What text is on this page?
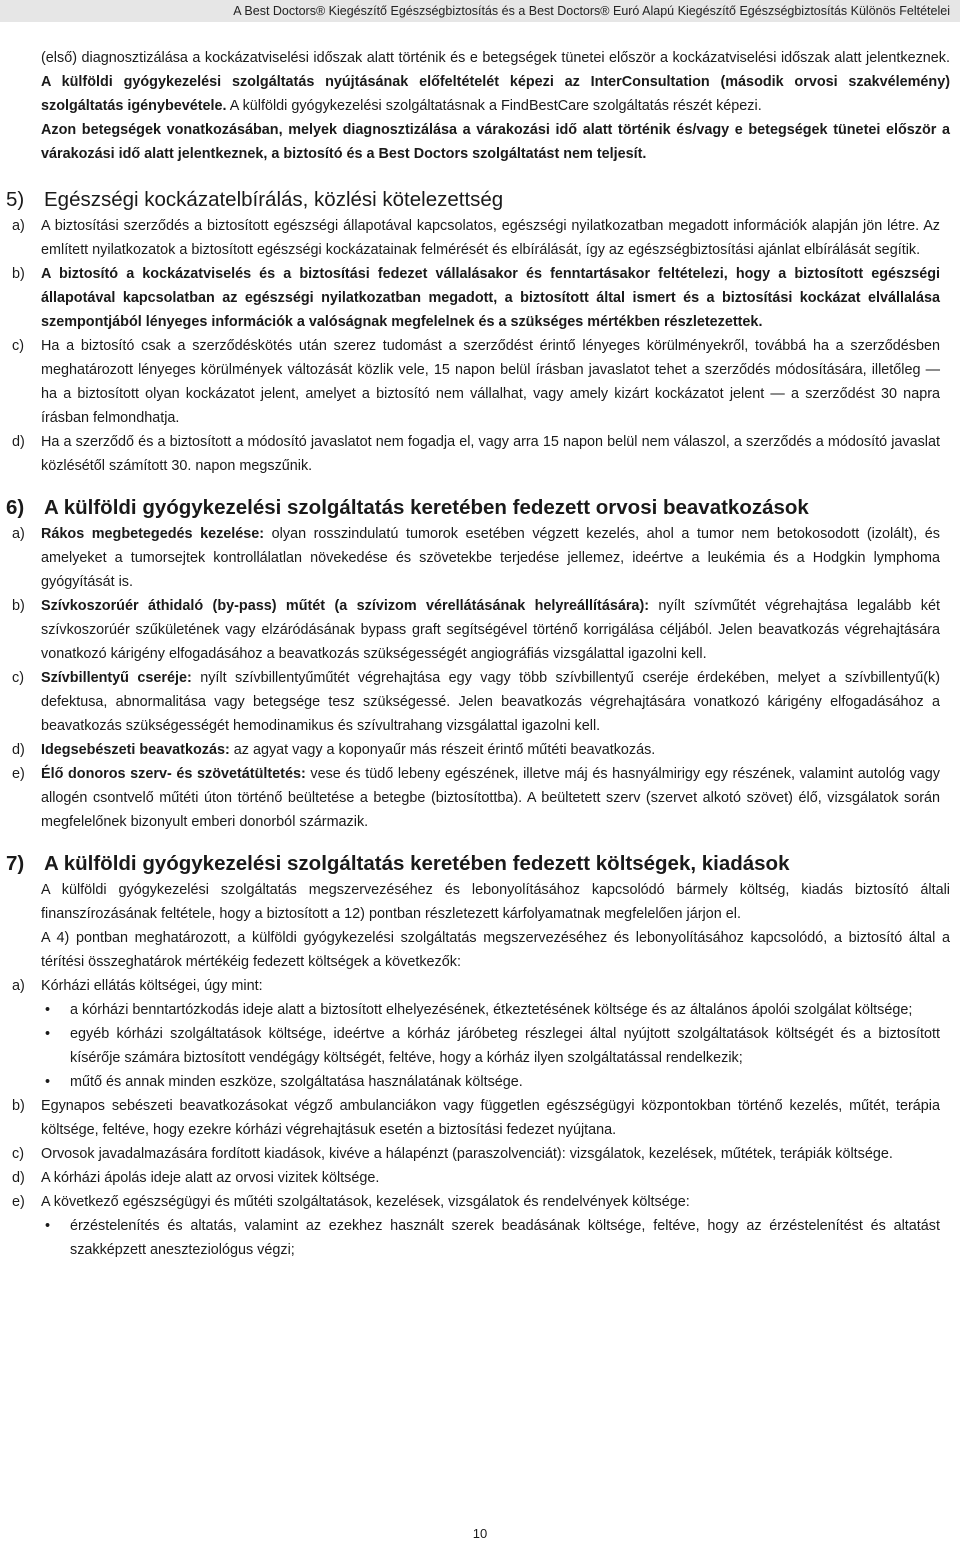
A Best Doctors® Kiegészítő Egészségbiztosítás és a Best Doctors® Euró Alapú Kiegészítő Egészségbiztosítás Különös Feltételei

(első) diagnosztizálása a kockázatviselési időszak alatt történik és e betegségek tünetei először a kockázatviselési időszak alatt jelentkeznek. A külföldi gyógykezelési szolgáltatás nyújtásának előfeltételét képezi az InterConsultation (második orvosi szakvélemény) szolgáltatás igénybevétele. A külföldi gyógykezelési szolgáltatásnak a FindBestCare szolgáltatás részét képezi.

Azon betegségek vonatkozásában, melyek diagnosztizálása a várakozási idő alatt történik és/vagy e betegségek tünetei először a várakozási idő alatt jelentkeznek, a biztosító és a Best Doctors szolgáltatást nem teljesít.

5) Egészségi kockázatelbírálás, közlési kötelezettség
a)	A biztosítási szerződés a biztosított egészségi állapotával kapcsolatos, egészségi nyilatkozatban megadott információk alapján jön létre. Az említett nyilatkozatok a biztosított egészségi kockázatainak felmérését és elbírálását, így az egészségbiztosítási ajánlat elbírálását segítik.
b)	A biztosító a kockázatviselés és a biztosítási fedezet vállalásakor és fenntartásakor feltételezi, hogy a biztosított egészségi állapotával kapcsolatban az egészségi nyilatkozatban megadott, a biztosított által ismert és a biztosítási kockázat elvállalása szempontjából lényeges információk a valóságnak megfelelnek és a szükséges mértékben részletezettek.
c)	Ha a biztosító csak a szerződéskötés után szerez tudomást a szerződést érintő lényeges körülményekről, továbbá ha a szerződésben meghatározott lényeges körülmények változását közlik vele, 15 napon belül írásban javaslatot tehet a szerződés módosítására, illetőleg — ha a biztosított olyan kockázatot jelent, amelyet a biztosító nem vállalhat, vagy amely kizárt kockázatot jelent — a szerződést 30 napra írásban felmondhatja.
d)	Ha a szerződő és a biztosított a módosító javaslatot nem fogadja el, vagy arra 15 napon belül nem válaszol, a szerződés a módosító javaslat közlésétől számított 30. napon megszűnik.
6) A külföldi gyógykezelési szolgáltatás keretében fedezett orvosi beavatkozások
a)	Rákos megbetegedés kezelése: olyan rosszindulatú tumorok esetében végzett kezelés, ahol a tumor nem betokosodott (izolált), és amelyeket a tumorsejtek kontrollálatlan növekedése és szövetekbe terjedése jellemez, ideértve a leukémia és a Hodgkin lymphoma gyógyítását is.
b)	Szívkoszorúér áthidaló (by-pass) műtét (a szívizom vérellátásának helyreállítására): nyílt szívműtét végrehajtása legalább két szívkoszorúér szűkületének vagy elzáródásának bypass graft segítségével történő korrigálása céljából. Jelen beavatkozás végrehajtására vonatkozó kárigény elfogadásához a beavatkozás szükségességét angiográfiás vizsgálattal igazolni kell.
c)	Szívbillentyű cseréje: nyílt szívbillentyűműtét végrehajtása egy vagy több szívbillentyű cseréje érdekében, melyet a szívbillentyű(k) defektusa, abnormalitása vagy betegsége tesz szükségessé. Jelen beavatkozás végrehajtására vonatkozó kárigény elfogadásához a beavatkozás szükségességét hemodinamikus és szívultrahang vizsgálattal igazolni kell.
d)	Idegsebészeti beavatkozás: az agyat vagy a koponyaűr más részeit érintő műtéti beavatkozás.
e)	Élő donoros szerv- és szövetátültetés: vese és tüdő lebeny egészének, illetve máj és hasnyálmirigy egy részének, valamint autológ vagy allogén csontvelő műtéti úton történő beültetése a betegbe (biztosítottba). A beültetett szerv (szervet alkotó szövet) élő, vizsgálatok során megfelelőnek bizonyult emberi donorból származik.
7) A külföldi gyógykezelési szolgáltatás keretében fedezett költségek, kiadások

A külföldi gyógykezelési szolgáltatás megszervezéséhez és lebonyolításához kapcsolódó bármely költség, kiadás biztosító általi finanszírozásának feltétele, hogy a biztosított a 12) pontban részletezett kárfolyamatnak megfelelően járjon el.

A 4) pontban meghatározott, a külföldi gyógykezelési szolgáltatás megszervezéséhez és lebonyolításához kapcsolódó, a biztosító által a térítési összeghatárok mértékéig fedezett költségek a következők:

a)	Kórházi ellátás költségei, úgy mint:
•	a kórházi benntartózkodás ideje alatt a biztosított elhelyezésének, étkeztetésének költsége és az általános ápolói szolgálat költsége;
•	egyéb kórházi szolgáltatások költsége, ideértve a kórház járóbeteg részlegei által nyújtott szolgáltatások költségét és a biztosított kísérője számára biztosított vendégágy költségét, feltéve, hogy a kórház ilyen szolgáltatással rendelkezik;
•	műtő és annak minden eszköze, szolgáltatása használatának költsége.
b)	Egynapos sebészeti beavatkozásokat végző ambulanciákon vagy független egészségügyi központokban történő kezelés, műtét, terápia költsége, feltéve, hogy ezekre kórházi végrehajtásuk esetén a biztosítási fedezet nyújtana.
c)	Orvosok javadalmazására fordított kiadások, kivéve a hálapénzt (paraszolvenciát): vizsgálatok, kezelések, műtétek, terápiák költsége.
d)	A kórházi ápolás ideje alatt az orvosi vizitek költsége.
e)	A következő egészségügyi és műtéti szolgáltatások, kezelések, vizsgálatok és rendelvények költsége:
•	érzéstelenítés és altatás, valamint az ezekhez használt szerek beadásának költsége, feltéve, hogy az érzéstelenítést és altatást szakképzett aneszteziológus végzi;
10
